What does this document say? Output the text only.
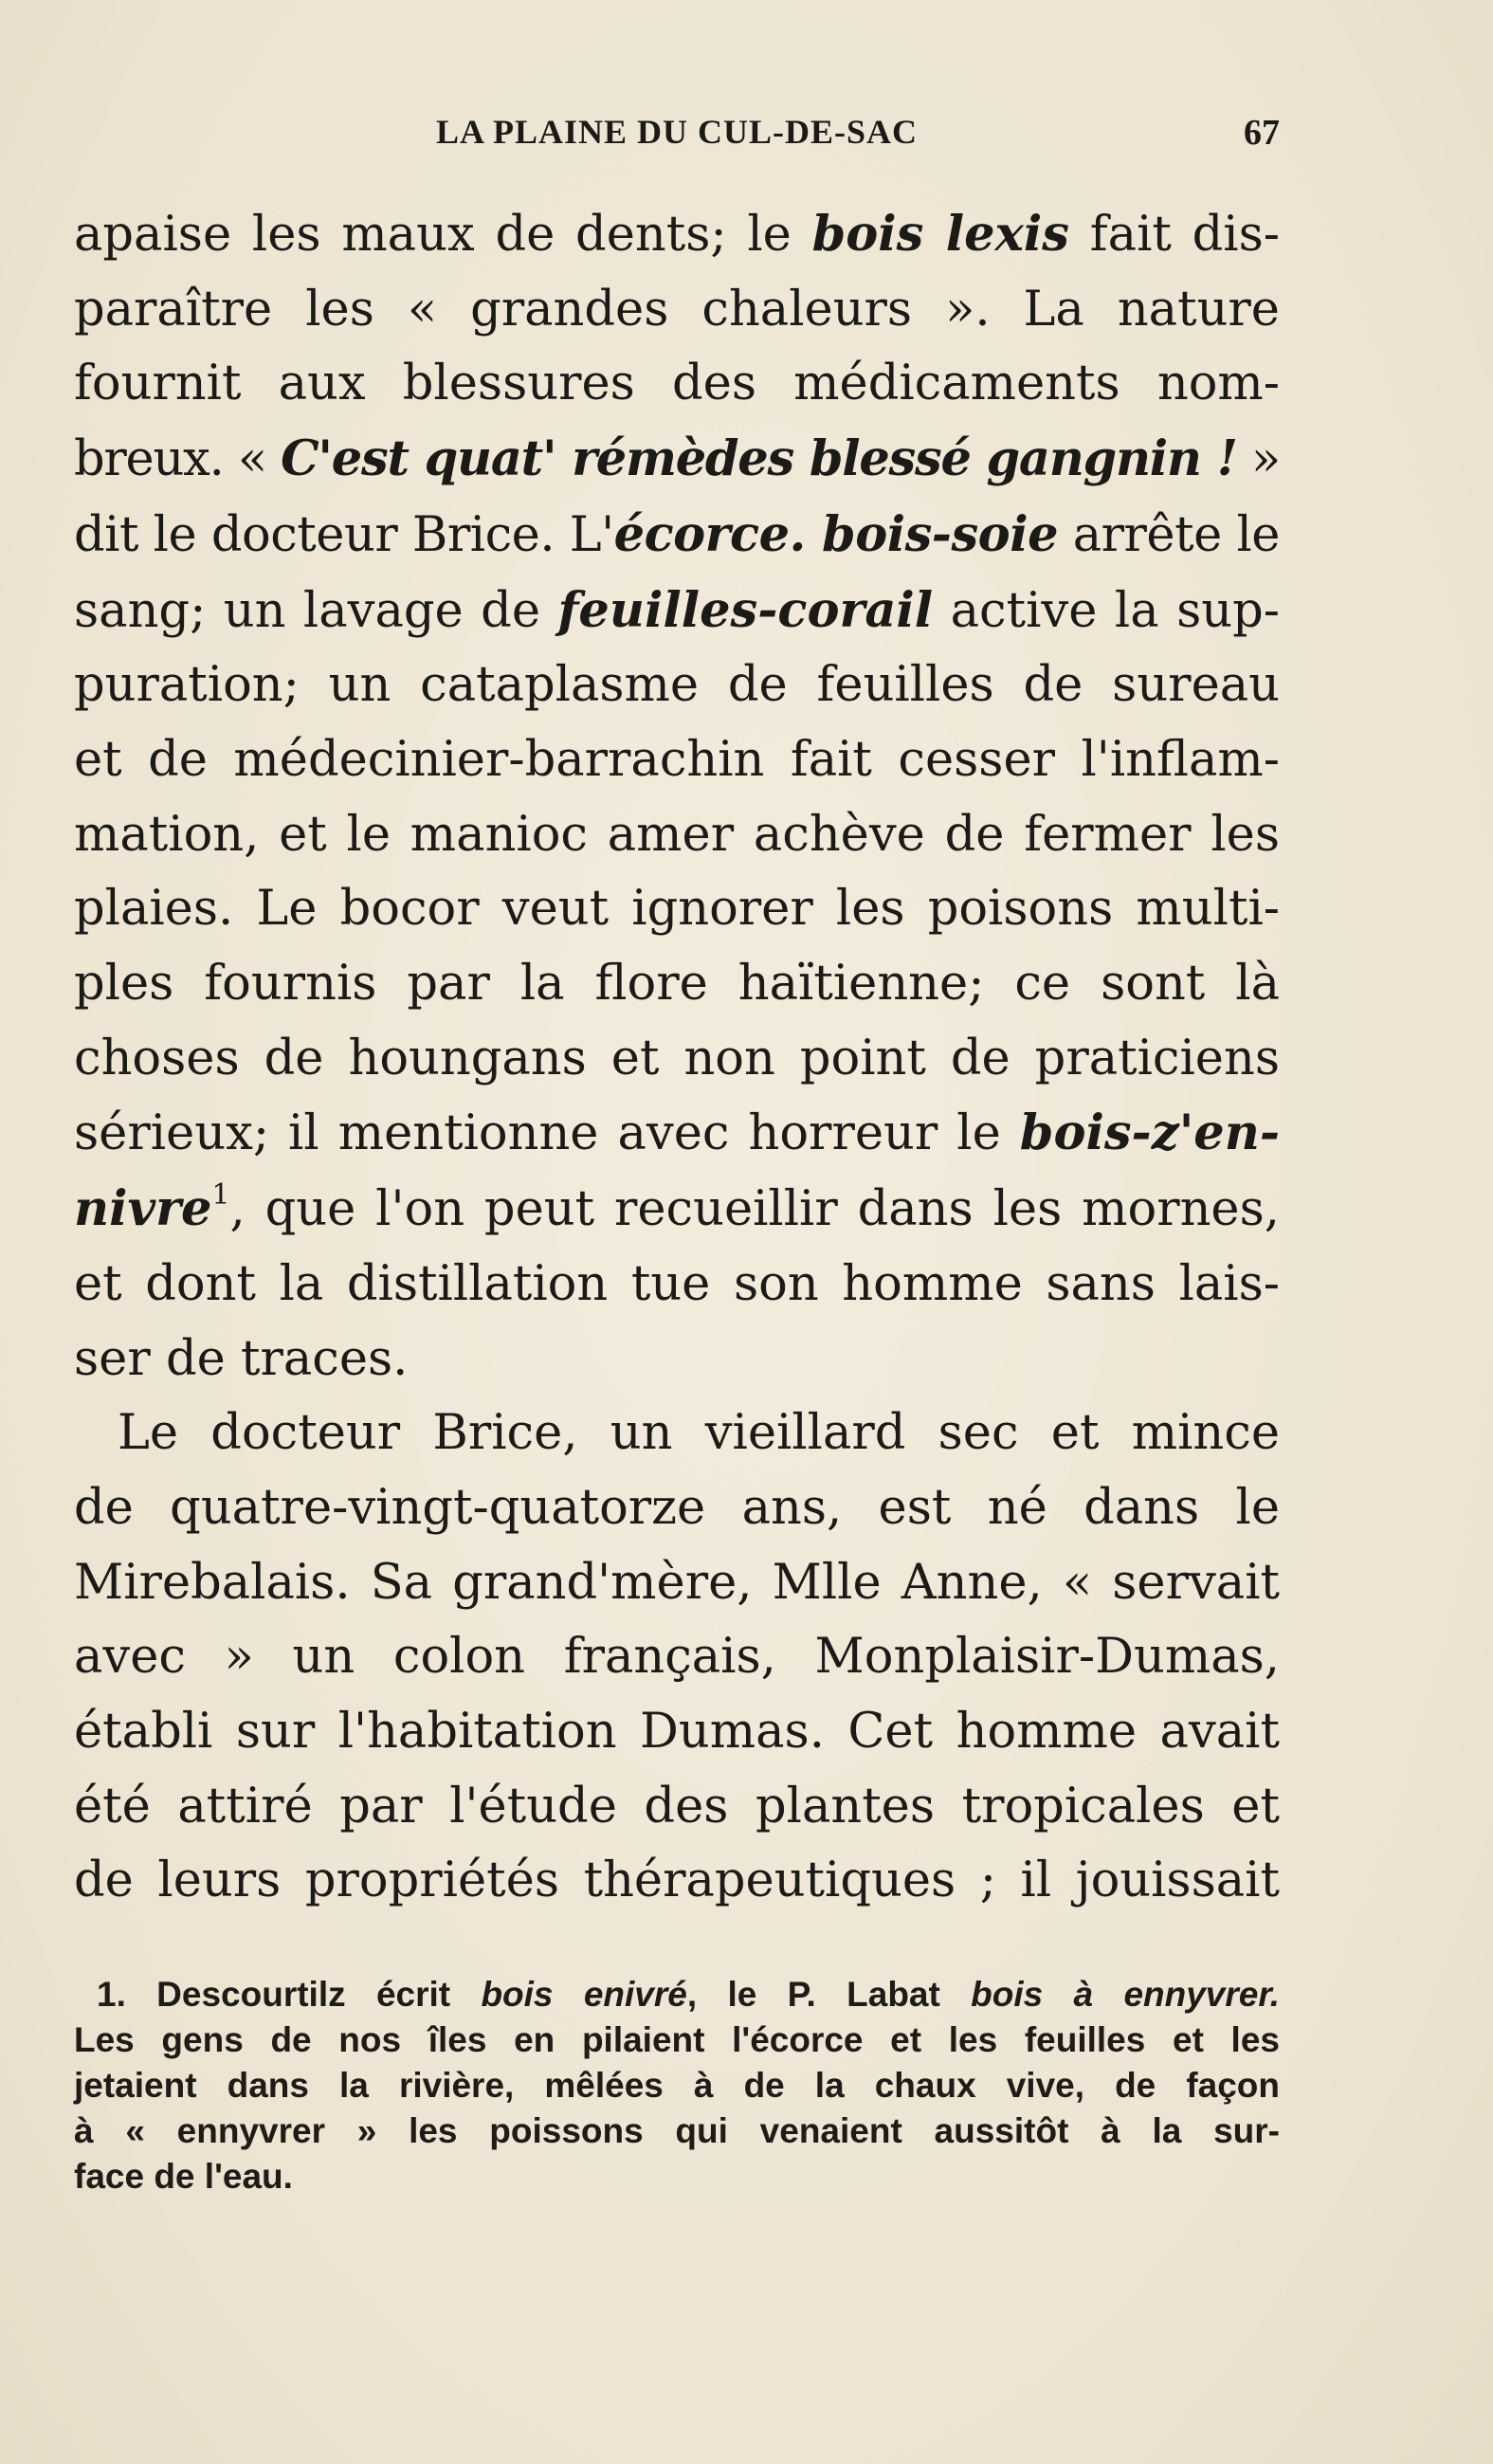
LA PLAINE DU CUL-DE-SAC	67

apaise les maux de dents; le bois lexis fait dis-
paraître les « grandes chaleurs ». La nature
fournit aux blessures des médicaments nom-
breux. « C'est quat' rémèdes blessé gangnin ! »
dit le docteur Brice. L'écorce. bois-soie arrête le
sang; un lavage de feuilles-corail active la sup-
puration; un cataplasme de feuilles de sureau
et de médecinier-barrachin fait cesser l'inflam-
mation, et le manioc amer achève de fermer les
plaies. Le bocor veut ignorer les poisons multi-
ples fournis par la flore haïtienne; ce sont là
choses de houngans et non point de praticiens
sérieux; il mentionne avec horreur le bois-z'en-
nivre$^1$, que l'on peut recueillir dans les mornes,
et dont la distillation tue son homme sans lais-
ser de traces.

Le docteur Brice, un vieillard sec et mince
de quatre-vingt-quatorze ans, est né dans le
Mirebalais. Sa grand'mère, Mlle Anne, « servait
avec » un colon français, Monplaisir-Dumas,
établi sur l'habitation Dumas. Cet homme avait
été attiré par l'étude des plantes tropicales et
de leurs propriétés thérapeutiques ; il jouissait

1. Descourtilz écrit bois enivré, le P. Labat bois à ennyvrer.
Les gens de nos îles en pilaient l'écorce et les feuilles et les
jetaient dans la rivière, mêlées à de la chaux vive, de façon
à « ennyvrer » les poissons qui venaient aussitôt à la sur-
face de l'eau.
